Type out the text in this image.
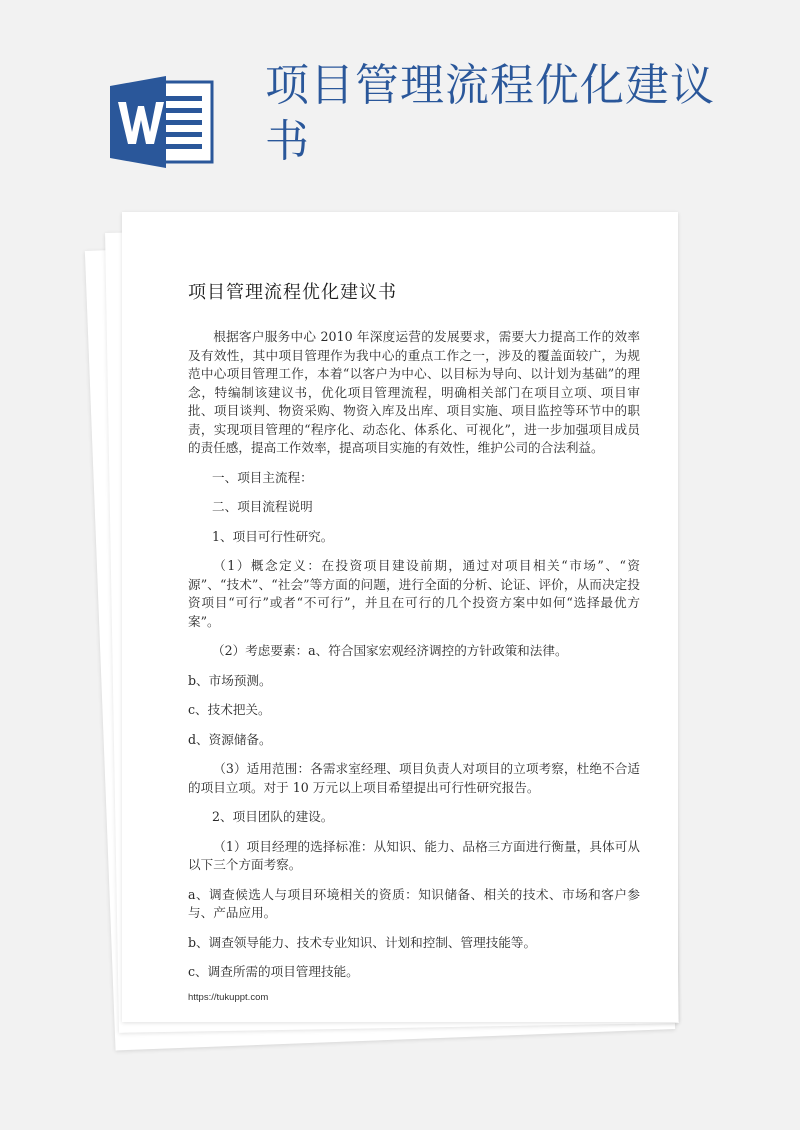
项目管理流程优化建议书
项目管理流程优化建议书

根据客户服务中心 2010 年深度运营的发展要求，需要大力提高工作的效率及有效性，其中项目管理作为我中心的重点工作之一，涉及的覆盖面较广，为规范中心项目管理工作，本着“以客户为中心、以目标为导向、以计划为基础”的理念，特编制该建议书，优化项目管理流程，明确相关部门在项目立项、项目审批、项目谈判、物资采购、物资入库及出库、项目实施、项目监控等环节中的职责，实现项目管理的“程序化、动态化、体系化、可视化”，进一步加强项目成员的责任感，提高工作效率，提高项目实施的有效性，维护公司的合法利益。

一、项目主流程：

二、项目流程说明

1、项目可行性研究。

（1）概念定义：在投资项目建设前期，通过对项目相关“市场”、“资源”、“技术”、“社会”等方面的问题，进行全面的分析、论证、评价，从而决定投资项目“可行”或者“不可行”，并且在可行的几个投资方案中如何“选择最优方案”。

（2）考虑要素：a、符合国家宏观经济调控的方针政策和法律。

b、市场预测。

c、技术把关。

d、资源储备。

（3）适用范围：各需求室经理、项目负责人对项目的立项考察，杜绝不合适的项目立项。对于 10 万元以上项目希望提出可行性研究报告。

2、项目团队的建设。

（1）项目经理的选择标准：从知识、能力、品格三方面进行衡量，具体可从以下三个方面考察。

a、调查候选人与项目环境相关的资质：知识储备、相关的技术、市场和客户参与、产品应用。

b、调查领导能力、技术专业知识、计划和控制、管理技能等。

c、调查所需的项目管理技能。

https://tukuppt.com
